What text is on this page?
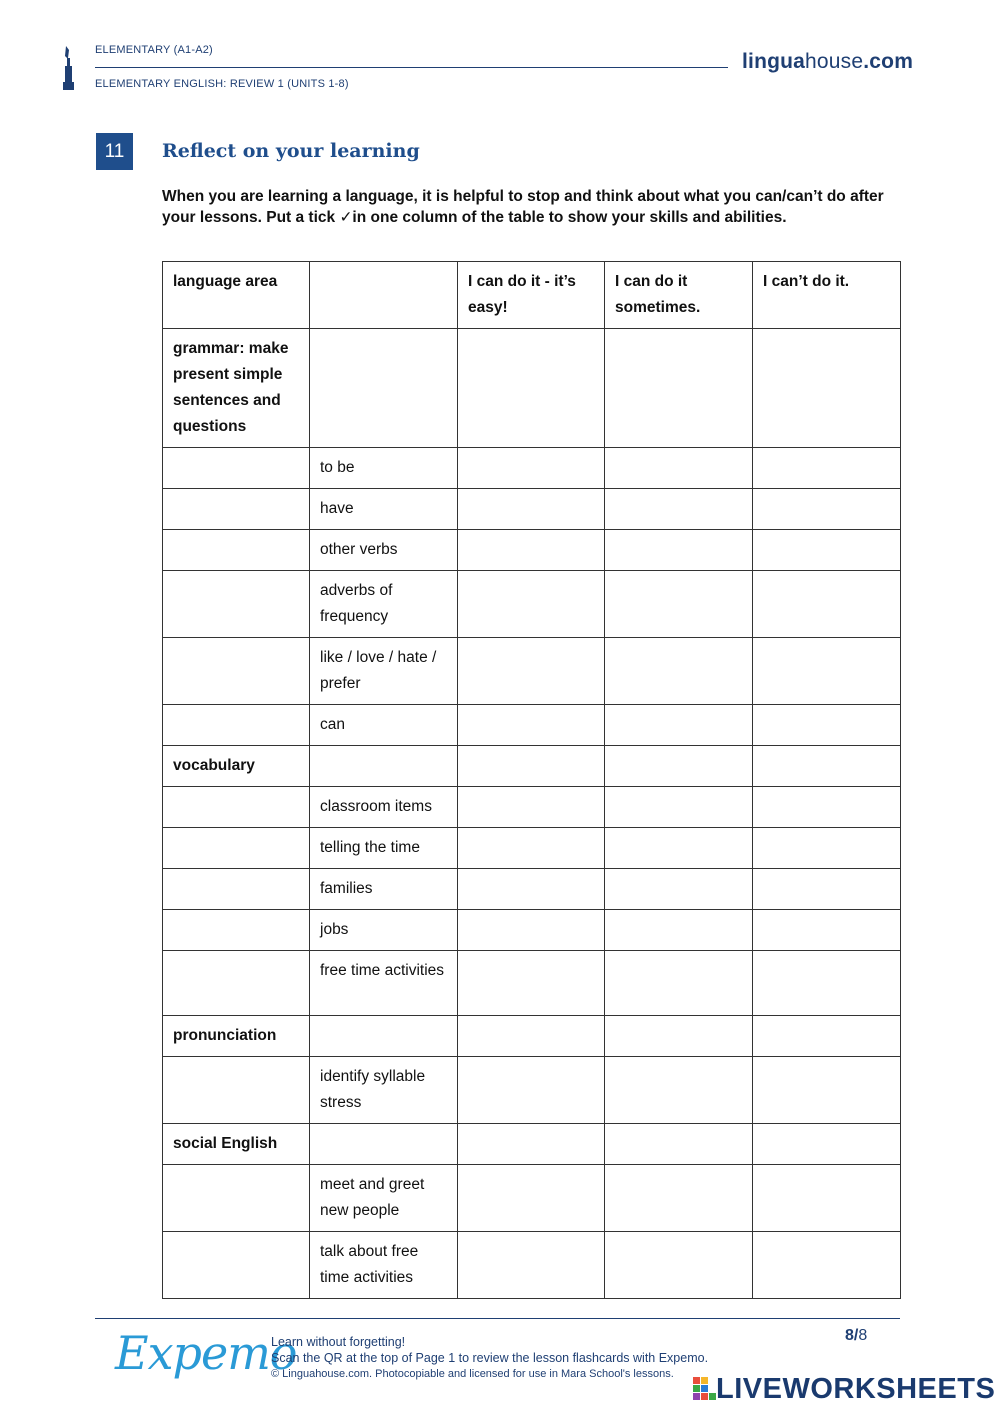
ELEMENTARY (A1-A2)
ELEMENTARY ENGLISH: REVIEW 1 (UNITS 1-8)
linguahouse.com
11	Reflect on your learning
When you are learning a language, it is helpful to stop and think about what you can/can’t do after your lessons. Put a tick ✓in one column of the table to show your skills and abilities.
language area		I can do it - it’s easy!	I can do it sometimes.	I can’t do it.
grammar: make present simple sentences and questions				
	to be			
	have			
	other verbs			
	adverbs of frequency			
	like / love / hate / prefer			
	can			
vocabulary				
	classroom items			
	telling the time			
	families			
	jobs			
	free time activities			
pronunciation				
	identify syllable stress			
social English				
	meet and greet new people			
	talk about free time activities			
Expemo
Learn without forgetting!
Scan the QR at the top of Page 1 to review the lesson flashcards with Expemo.
© Linguahouse.com. Photocopiable and licensed for use in Mara School's lessons.
8/8
LIVEWORKSHEETS
